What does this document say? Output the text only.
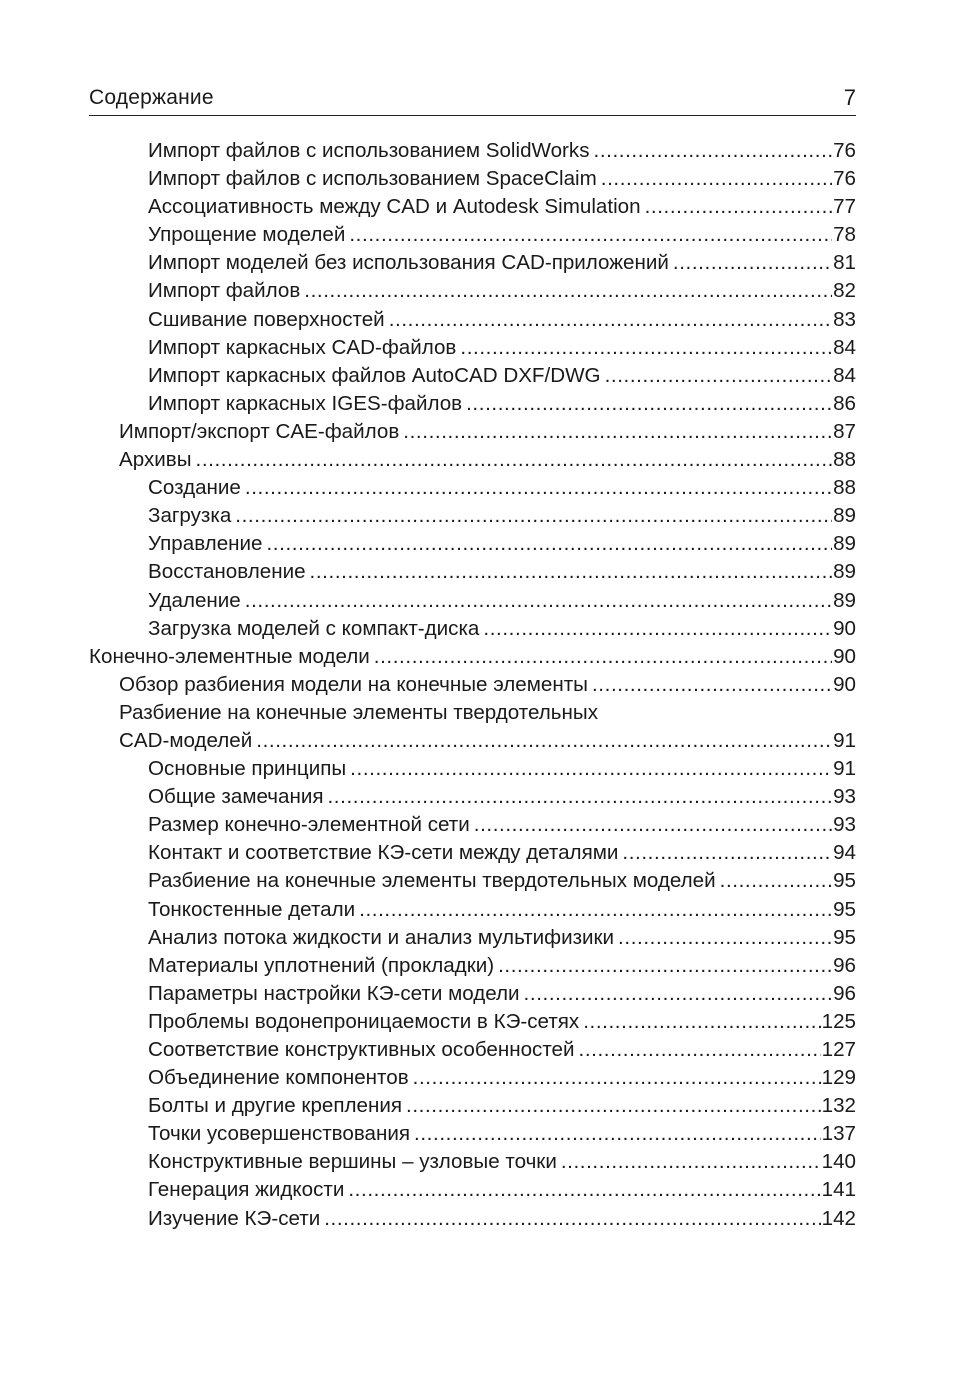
Содержание	7
Импорт файлов с использованием SolidWorks .....	76
Импорт файлов с использованием SpaceClaim .....	76
Ассоциативность между CAD и Autodesk Simulation .....	77
Упрощение моделей .....	78
Импорт моделей без использования CAD-приложений .....	81
Импорт файлов .....	82
Сшивание поверхностей .....	83
Импорт каркасных CAD-файлов .....	84
Импорт каркасных файлов AutoCAD DXF/DWG .....	84
Импорт каркасных IGES-файлов .....	86
Импорт/экспорт CAE-файлов .....	87
Архивы .....	88
Создание .....	88
Загрузка .....	89
Управление .....	89
Восстановление .....	89
Удаление .....	89
Загрузка моделей с компакт-диска .....	90
Конечно-элементные модели .....	90
Обзор разбиения модели на конечные элементы .....	90
Разбиение на конечные элементы твердотельных
CAD-моделей .....	91
Основные принципы .....	91
Общие замечания .....	93
Размер конечно-элементной сети .....	93
Контакт и соответствие КЭ-сети между деталями .....	94
Разбиение на конечные элементы твердотельных моделей .....	95
Тонкостенные детали .....	95
Анализ потока жидкости и анализ мультифизики .....	95
Материалы уплотнений (прокладки) .....	96
Параметры настройки КЭ-сети модели .....	96
Проблемы водонепроницаемости в КЭ-сетях .....	125
Соответствие конструктивных особенностей .....	127
Объединение компонентов .....	129
Болты и другие крепления .....	132
Точки усовершенствования .....	137
Конструктивные вершины – узловые точки .....	140
Генерация жидкости .....	141
Изучение КЭ-сети .....	142
